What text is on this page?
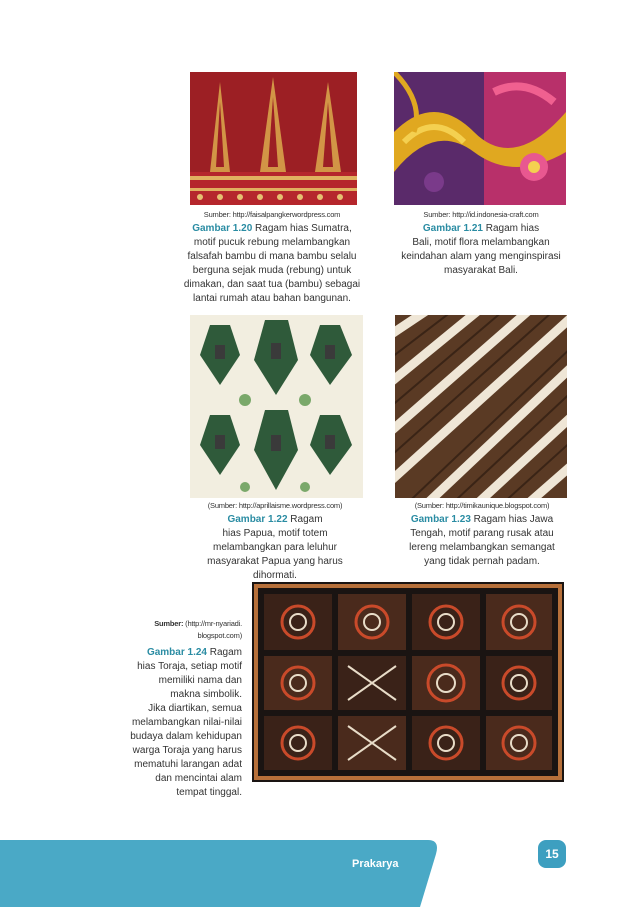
Sumber: http://faisalpangkerwordpress.com
Gambar 1.20 Ragam hias Sumatra,
motif pucuk rebung melambangkan
falsafah bambu di mana bambu selalu
berguna sejak muda (rebung) untuk
dimakan, dan saat tua (bambu) sebagai
lantai rumah atau bahan bangunan.
Sumber: http://id.indonesia-craft.com
Gambar 1.21 Ragam hias
Bali, motif flora melambangkan
keindahan alam yang menginspirasi
masyarakat Bali.
(Sumber: http://aprillaisme.wordpress.com)
Gambar 1.22 Ragam
hias Papua, motif totem
melambangkan para leluhur
masyarakat Papua yang harus
dihormati.
(Sumber: http://timikaunique.blogspot.com)
Gambar 1.23 Ragam hias Jawa
Tengah, motif parang rusak atau
lereng melambangkan semangat
yang tidak pernah padam.
Sumber: (http://mr-nyariadi.
blogspot.com)
Gambar 1.24 Ragam
hias Toraja, setiap motif
memiliki nama dan
makna simbolik.
Jika diartikan, semua
melambangkan nilai-nilai
budaya dalam kehidupan
warga Toraja yang harus
mematuhi larangan adat
dan mencintai alam
tempat tinggal.
Prakarya
15
